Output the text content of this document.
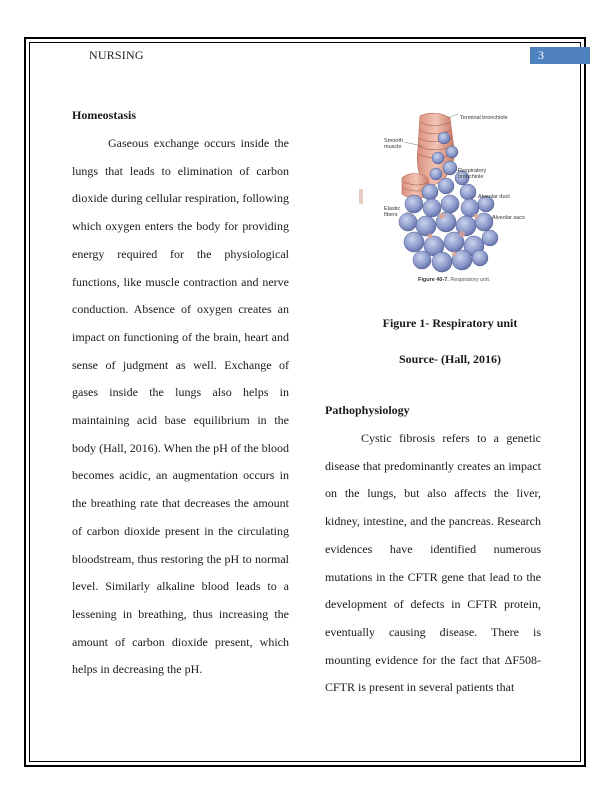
NURSING	3

Homeostasis

Gaseous exchange occurs inside the lungs that leads to elimination of carbon dioxide during cellular respiration, following which oxygen enters the body for providing energy required for the physiological functions, like muscle contraction and nerve conduction. Absence of oxygen creates an impact on functioning of the brain, heart and sense of judgment as well. Exchange of gases inside the lungs also helps in maintaining acid base equilibrium in the body (Hall, 2016). When the pH of the blood becomes acidic, an augmentation occurs in the breathing rate that decreases the amount of carbon dioxide present in the circulating bloodstream, thus restoring the pH to normal level. Similarly alkaline blood leads to a lessening in breathing, thus increasing the amount of carbon dioxide present, which helps in decreasing the pH.

Terminal bronchiole
Smooth muscle
Respiratory bronchiole
Alveolar duct
Elastic fibers	Alveolar sacs
Figure 40-7. Respiratory unit.
Figure 1- Respiratory unit
Source- (Hall, 2016)

Pathophysiology

Cystic fibrosis refers to a genetic disease that predominantly creates an impact on the lungs, but also affects the liver, kidney, intestine, and the pancreas. Research evidences have identified numerous mutations in the CFTR gene that lead to the development of defects in CFTR protein, eventually causing disease. There is mounting evidence for the fact that ΔF508-CFTR is present in several patients that
